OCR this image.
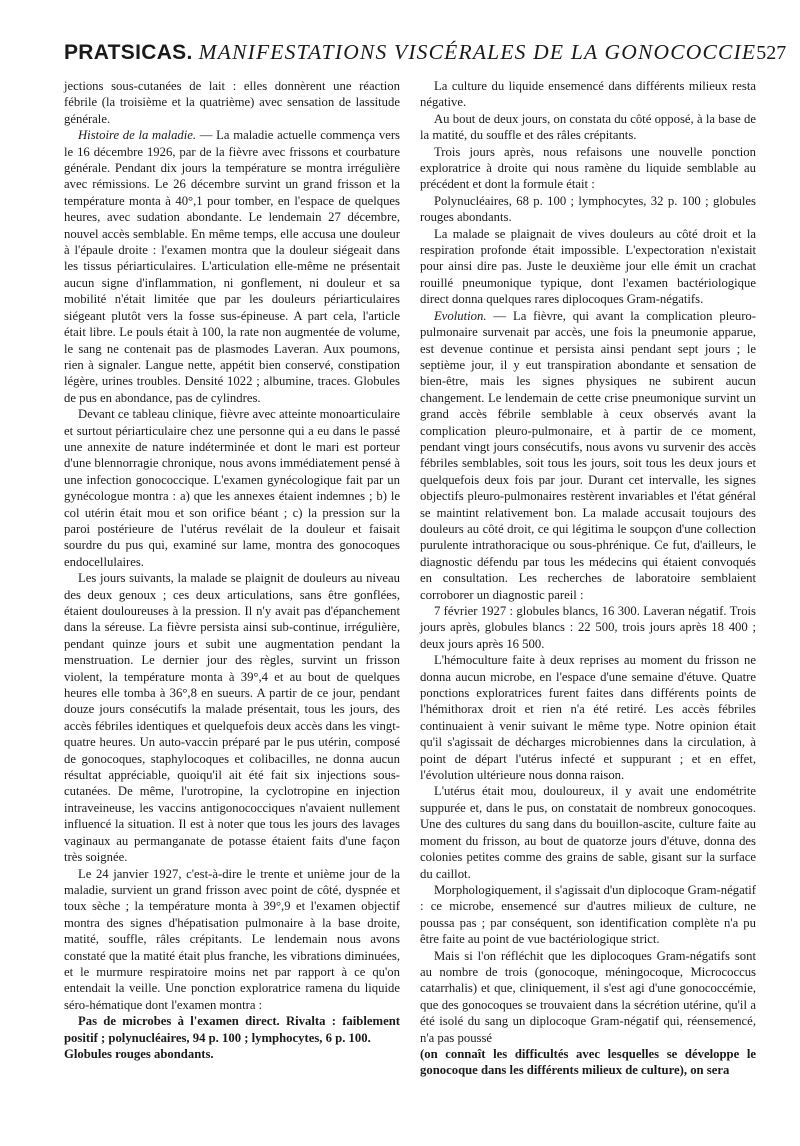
PRATSICAS. MANIFESTATIONS VISCÉRALES DE LA GONOCOCCIE 527

jections sous-cutanées de lait : elles donnèrent une réaction fébrile (la troisième et la quatrième) avec sensation de lassitude générale.

Histoire de la maladie. — La maladie actuelle commença vers le 16 décembre 1926, par de la fièvre avec frissons et courbature générale. Pendant dix jours la température se montra irrégulière avec rémissions. Le 26 décembre survint un grand frisson et la température monta à 40°,1 pour tomber, en l'espace de quelques heures, avec sudation abondante. Le lendemain 27 décembre, nouvel accès semblable. En même temps, elle accusa une douleur à l'épaule droite : l'examen montra que la douleur siégeait dans les tissus périarticulaires. L'articulation elle-même ne présentait aucun signe d'inflammation, ni gonflement, ni douleur et sa mobilité n'était limitée que par les douleurs périarticulaires siégeant plutôt vers la fosse sus-épineuse. A part cela, l'article était libre. Le pouls était à 100, la rate non augmentée de volume, le sang ne contenait pas de plasmodes Laveran. Aux poumons, rien à signaler. Langue nette, appétit bien conservé, constipation légère, urines troubles. Densité 1022 ; albumine, traces. Globules de pus en abondance, pas de cylindres.

Devant ce tableau clinique, fièvre avec atteinte monoarticulaire et surtout périarticulaire chez une personne qui a eu dans le passé une annexite de nature indéterminée et dont le mari est porteur d'une blennorragie chronique, nous avons immédiatement pensé à une infection gonococcique. L'examen gynécologique fait par un gynécologue montra : a) que les annexes étaient indemnes ; b) le col utérin était mou et son orifice béant ; c) la pression sur la paroi postérieure de l'utérus revélait de la douleur et faisait sourdre du pus qui, examiné sur lame, montra des gonocoques endocellulaires.

Les jours suivants, la malade se plaignit de douleurs au niveau des deux genoux ; ces deux articulations, sans être gonflées, étaient douloureuses à la pression. Il n'y avait pas d'épanchement dans la séreuse. La fièvre persista ainsi sub-continue, irrégulière, pendant quinze jours et subit une augmentation pendant la menstruation. Le dernier jour des règles, survint un frisson violent, la température monta à 39°,4 et au bout de quelques heures elle tomba à 36°,8 en sueurs. A partir de ce jour, pendant douze jours consécutifs la malade présentait, tous les jours, des accès fébriles identiques et quelquefois deux accès dans les vingt-quatre heures. Un auto-vaccin préparé par le pus utérin, composé de gonocoques, staphylocoques et colibacilles, ne donna aucun résultat appréciable, quoiqu'il ait été fait six injections sous-cutanées. De même, l'urotropine, la cyclotropine en injection intraveineuse, les vaccins antigonococciques n'avaient nullement influencé la situation. Il est à noter que tous les jours des lavages vaginaux au permanganate de potasse étaient faits d'une façon très soignée.

Le 24 janvier 1927, c'est-à-dire le trente et unième jour de la maladie, survient un grand frisson avec point de côté, dyspnée et toux sèche ; la température monta à 39°,9 et l'examen objectif montra des signes d'hépatisation pulmonaire à la base droite, matité, souffle, râles crépitants. Le lendemain nous avons constaté que la matité était plus franche, les vibrations diminuées, et le murmure respiratoire moins net par rapport à ce qu'on entendait la veille. Une ponction exploratrice ramena du liquide séro-hématique dont l'examen montra :

Pas de microbes à l'examen direct. Rivalta : faiblement positif ; polynucléaires, 94 p. 100 ; lymphocytes, 6 p. 100.

Globules rouges abondants.

La culture du liquide ensemencé dans différents milieux resta négative.

Au bout de deux jours, on constata du côté opposé, à la base de la matité, du souffle et des râles crépitants.

Trois jours après, nous refaisons une nouvelle ponction exploratrice à droite qui nous ramène du liquide semblable au précédent et dont la formule était :

Polynucléaires, 68 p. 100 ; lymphocytes, 32 p. 100 ; globules rouges abondants.

La malade se plaignait de vives douleurs au côté droit et la respiration profonde était impossible. L'expectoration n'existait pour ainsi dire pas. Juste le deuxième jour elle émit un crachat rouillé pneumonique typique, dont l'examen bactériologique direct donna quelques rares diplocoques Gram-négatifs.

Evolution. — La fièvre, qui avant la complication pleuro-pulmonaire survenait par accès, une fois la pneumonie apparue, est devenue continue et persista ainsi pendant sept jours ; le septième jour, il y eut transpiration abondante et sensation de bien-être, mais les signes physiques ne subirent aucun changement. Le lendemain de cette crise pneumonique survint un grand accès fébrile semblable à ceux observés avant la complication pleuro-pulmonaire, et à partir de ce moment, pendant vingt jours consécutifs, nous avons vu survenir des accès fébriles semblables, soit tous les jours, soit tous les deux jours et quelquefois deux fois par jour. Durant cet intervalle, les signes objectifs pleuro-pulmonaires restèrent invariables et l'état général se maintint relativement bon. La malade accusait toujours des douleurs au côté droit, ce qui légitima le soupçon d'une collection purulente intrathoracique ou sous-phrénique. Ce fut, d'ailleurs, le diagnostic défendu par tous les médecins qui étaient convoqués en consultation. Les recherches de laboratoire semblaient corroborer un diagnostic pareil :

7 février 1927 : globules blancs, 16 300. Laveran négatif. Trois jours après, globules blancs : 22 500, trois jours après 18 400 ; deux jours après 16 500.

L'hémoculture faite à deux reprises au moment du frisson ne donna aucun microbe, en l'espace d'une semaine d'étuve. Quatre ponctions exploratrices furent faites dans différents points de l'hémithorax droit et rien n'a été retiré. Les accès fébriles continuaient à venir suivant le même type. Notre opinion était qu'il s'agissait de décharges microbiennes dans la circulation, à point de départ l'utérus infecté et suppurant ; et en effet, l'évolution ultérieure nous donna raison.

L'utérus était mou, douloureux, il y avait une endométrite suppurée et, dans le pus, on constatait de nombreux gonocoques. Une des cultures du sang dans du bouillon-ascite, culture faite au moment du frisson, au bout de quatorze jours d'étuve, donna des colonies petites comme des grains de sable, gisant sur la surface du caillot.

Morphologiquement, il s'agissait d'un diplocoque Gram-négatif : ce microbe, ensemencé sur d'autres milieux de culture, ne poussa pas ; par conséquent, son identification complète n'a pu être faite au point de vue bactériologique strict.

Mais si l'on réfléchit que les diplocoques Gram-négatifs sont au nombre de trois (gonocoque, méningocoque, Micrococcus catarrhalis) et que, cliniquement, il s'est agi d'une gonococcémie, que des gonocoques se trouvaient dans la sécrétion utérine, qu'il a été isolé du sang un diplocoque Gram-négatif qui, réensemencé, n'a pas poussé

(on connaît les difficultés avec lesquelles se développe le gonocoque dans les différents milieux de culture), on sera
